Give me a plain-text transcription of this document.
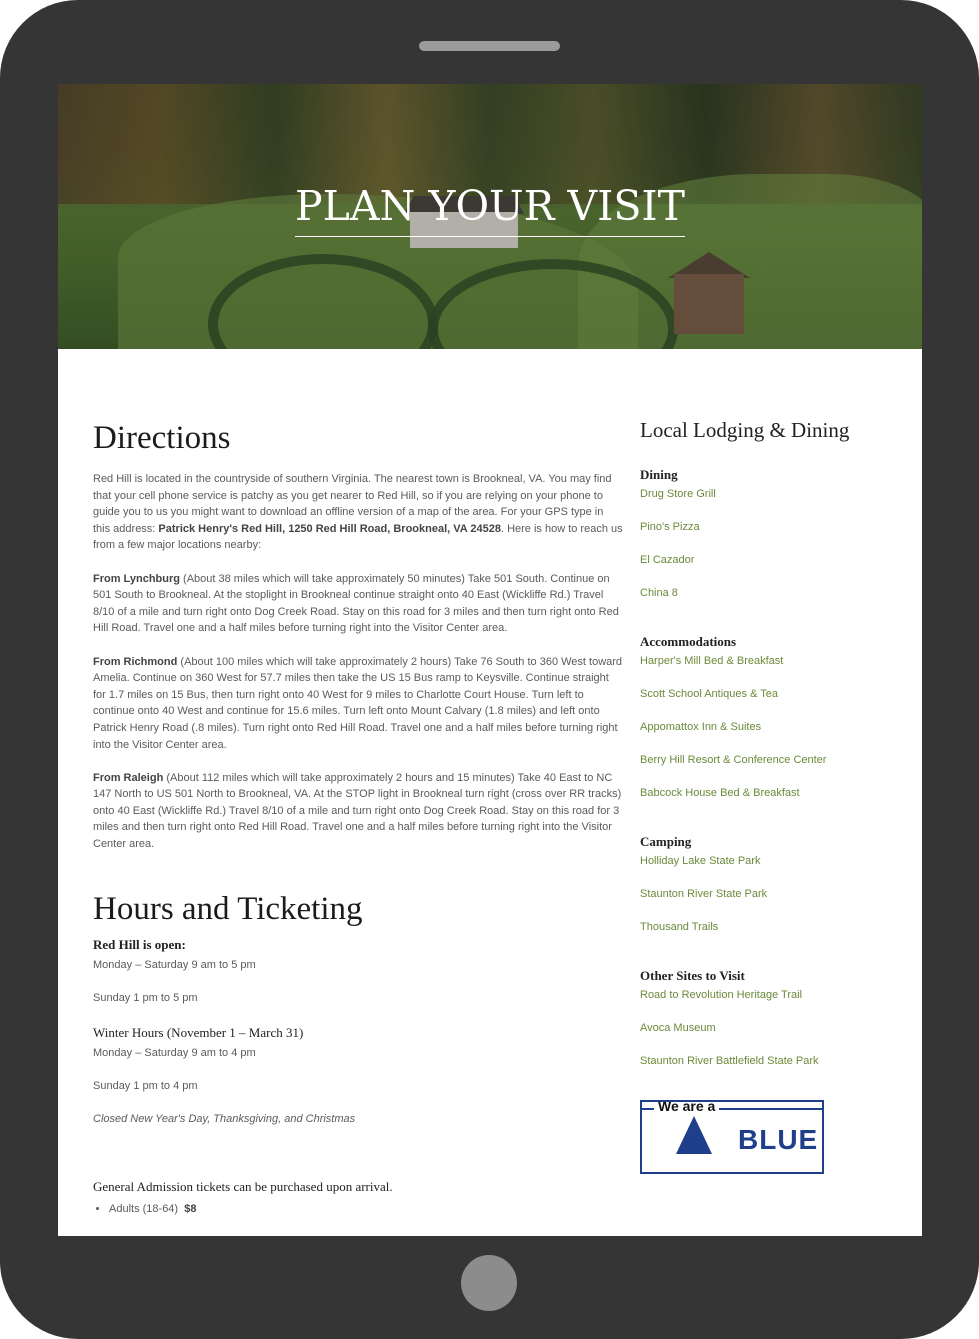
PLAN YOUR VISIT
Directions

Red Hill is located in the countryside of southern Virginia. The nearest town is Brookneal, VA. You may find that your cell phone service is patchy as you get nearer to Red Hill, so if you are relying on your phone to guide you to us you might want to download an offline version of a map of the area. For your GPS type in this address: Patrick Henry's Red Hill, 1250 Red Hill Road, Brookneal, VA 24528. Here is how to reach us from a few major locations nearby:

From Lynchburg (About 38 miles which will take approximately 50 minutes) Take 501 South. Continue on 501 South to Brookneal. At the stoplight in Brookneal continue straight onto 40 East (Wickliffe Rd.) Travel 8/10 of a mile and turn right onto Dog Creek Road. Stay on this road for 3 miles and then turn right onto Red Hill Road. Travel one and a half miles before turning right into the Visitor Center area.

From Richmond (About 100 miles which will take approximately 2 hours) Take 76 South to 360 West toward Amelia. Continue on 360 West for 57.7 miles then take the US 15 Bus ramp to Keysville. Continue straight for 1.7 miles on 15 Bus, then turn right onto 40 West for 9 miles to Charlotte Court House. Turn left to continue onto 40 West and continue for 15.6 miles. Turn left onto Mount Calvary (1.8 miles) and left onto Patrick Henry Road (.8 miles). Turn right onto Red Hill Road. Travel one and a half miles before turning right into the Visitor Center area.

From Raleigh (About 112 miles which will take approximately 2 hours and 15 minutes) Take 40 East to NC 147 North to US 501 North to Brookneal, VA. At the STOP light in Brookneal turn right (cross over RR tracks) onto 40 East (Wickliffe Rd.) Travel 8/10 of a mile and turn right onto Dog Creek Road. Stay on this road for 3 miles and then turn right onto Red Hill Road. Travel one and a half miles before turning right into the Visitor Center area.

Hours and Ticketing
Red Hill is open:

Monday – Saturday 9 am to 5 pm

Sunday 1 pm to 5 pm

Winter Hours (November 1 – March 31)

Monday – Saturday 9 am to 4 pm

Sunday 1 pm to 4 pm

Closed New Year's Day, Thanksgiving, and Christmas

General Admission tickets can be purchased upon arrival.
• Adults (18-64) $8
Local Lodging & Dining
Dining
Drug Store Grill
Pino's Pizza
El Cazador
China 8
Accommodations
Harper's Mill Bed & Breakfast
Scott School Antiques & Tea
Appomattox Inn & Suites
Berry Hill Resort & Conference Center
Babcock House Bed & Breakfast
Camping
Holliday Lake State Park
Staunton River State Park
Thousand Trails
Other Sites to Visit
Road to Revolution Heritage Trail
Avoca Museum
Staunton River Battlefield State Park
We are a
BLUE
